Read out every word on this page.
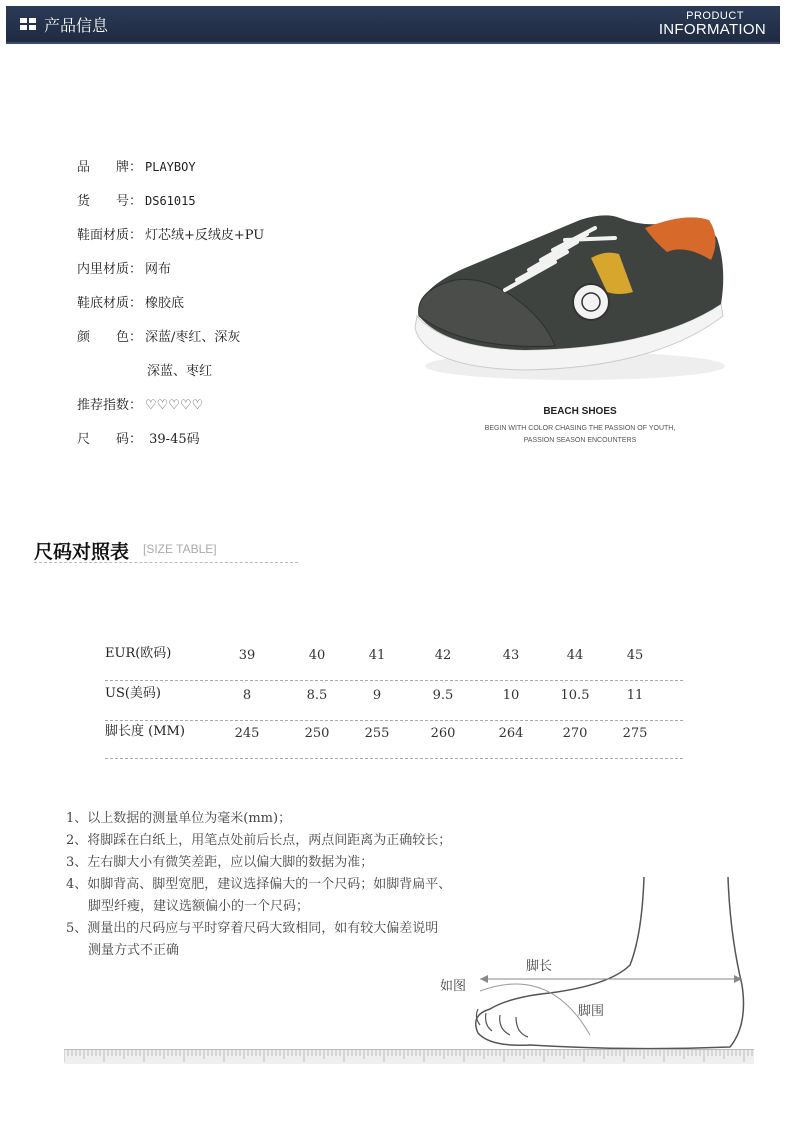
产品信息	PRODUCT
INFORMATION
品　　牌： PLAYBOY
货　　号： DS61015
鞋面材质： 灯芯绒+反绒皮+PU
内里材质： 网布
鞋底材质： 橡胶底
颜　　色： 深蓝/枣红、深灰
深蓝、枣红
推荐指数： ♡♡♡♡♡
尺　　码： 39-45码
BEACH SHOES
BEGIN WITH COLOR CHASING THE PASSION OF YOUTH,
PASSION SEASON ENCOUNTERS
尺码对照表 [SIZE TABLE]
EUR(欧码)	39	40	41	42	43	44	45
US(美码)	8	8.5	9	9.5	10	10.5	11
脚长度 (MM)	245	250	255	260	264	270	275
1、以上数据的测量单位为毫米(mm)；
2、将脚踩在白纸上，用笔点处前后长点，两点间距离为正确较长；
3、左右脚大小有微笑差距，应以偏大脚的数据为准；
4、如脚背高、脚型宽肥，建议选择偏大的一个尺码；如脚背扁平、
脚型纤瘦，建议选额偏小的一个尺码；
5、测量出的尺码应与平时穿着尺码大致相同，如有较大偏差说明
测量方式不正确
如图
脚长
脚围
